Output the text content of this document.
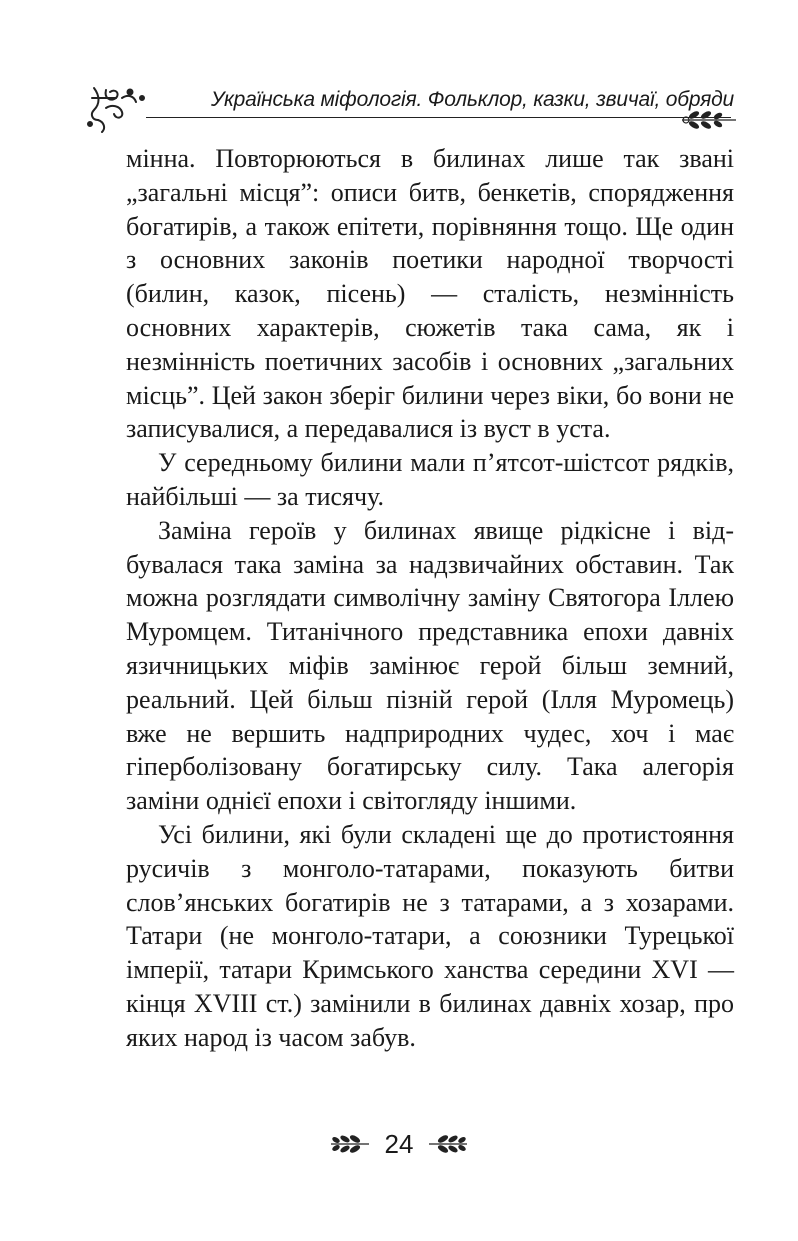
Українська міфологія. Фольклор, казки, звичаї, обряди

мінна. Повторюються в билинах лише так звані „загальні місця”: описи битв, бенкетів, спорядження богатирів, а також епітети, порівняння тощо. Ще один з основних законів поетики народної творчості (билин, казок, пісень) — сталість, незмінність основних характерів, сюжетів така сама, як і незмінність поетичних засобів і основних „загальних місць”. Цей закон зберіг билини через віки, бо вони не записувалися, а передавалися із вуст в уста.

У середньому билини мали п’ятсот-шістсот рядків, найбільші — за тисячу.

Заміна героїв у билинах явище рідкісне і відбувалася така заміна за надзвичайних обставин. Так можна розглядати символічну заміну Святогора Іллею Муромцем. Титанічного представника епохи давніх язичницьких міфів замінює герой більш земний, реальний. Цей більш пізній герой (Ілля Муромець) вже не вершить надприродних чудес, хоч і має гіперболізовану богатирську силу. Така алегорія заміни однієї епохи і світогляду іншими.

Усі билини, які були складені ще до протистояння русичів з монголо-татарами, показують битви слов’янських богатирів не з татарами, а з хозарами. Татари (не монголо-татари, а союзники Турецької імперії, татари Кримського ханства середини XVI — кінця XVIII ст.) замінили в билинах давніх хозар, про яких народ із часом забув.

24
